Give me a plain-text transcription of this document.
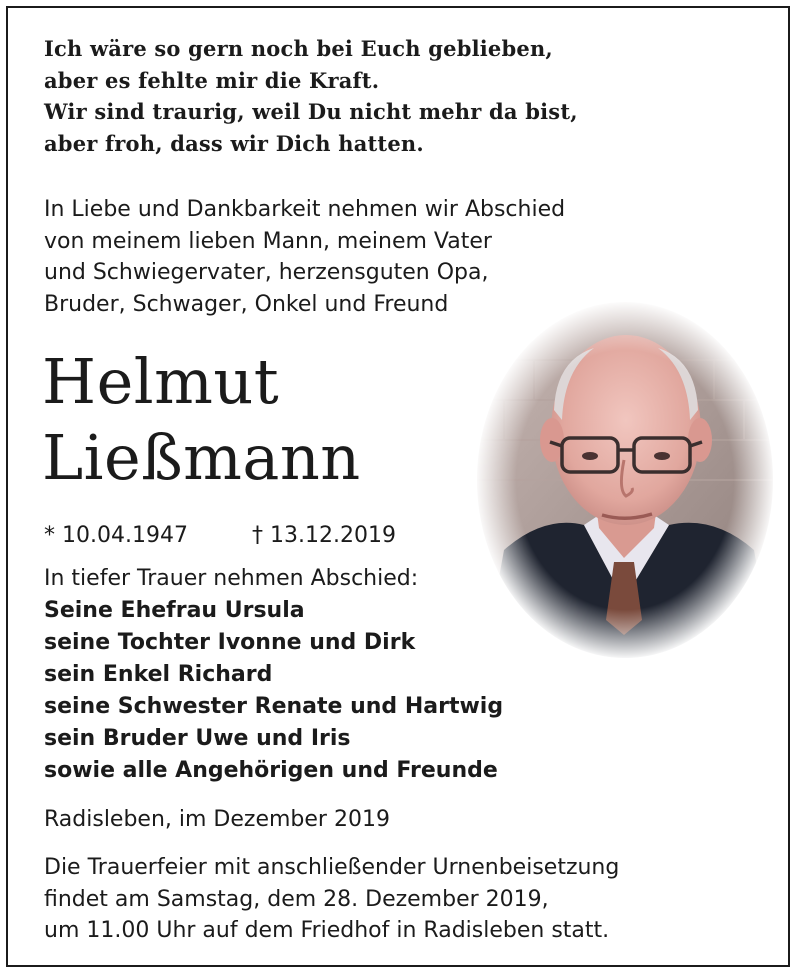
Ich wäre so gern noch bei Euch geblieben,
aber es fehlte mir die Kraft.
Wir sind traurig, weil Du nicht mehr da bist,
aber froh, dass wir Dich hatten.
In Liebe und Dankbarkeit nehmen wir Abschied
von meinem lieben Mann, meinem Vater
und Schwiegervater, herzensguten Opa,
Bruder, Schwager, Onkel und Freund
Helmut
Ließmann
* 10.04.1947	† 13.12.2019
In tiefer Trauer nehmen Abschied:
Seine Ehefrau Ursula
seine Tochter Ivonne und Dirk
sein Enkel Richard
seine Schwester Renate und Hartwig
sein Bruder Uwe und Iris
sowie alle Angehörigen und Freunde
Radisleben, im Dezember 2019
Die Trauerfeier mit anschließender Urnenbeisetzung
findet am Samstag, dem 28. Dezember 2019,
um 11.00 Uhr auf dem Friedhof in Radisleben statt.
